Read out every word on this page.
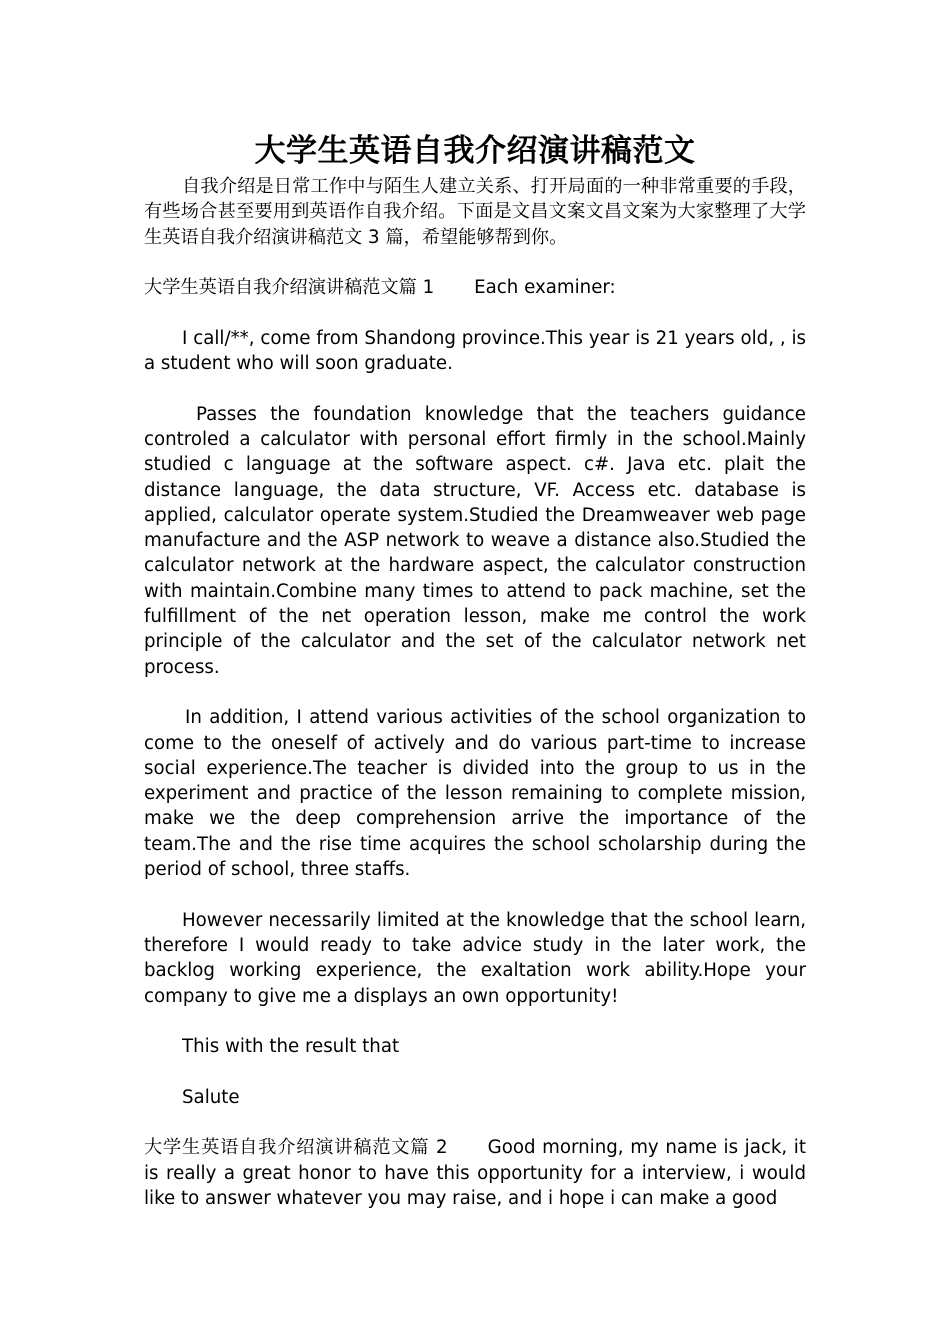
大学生英语自我介绍演讲稿范文

自我介绍是日常工作中与陌生人建立关系、打开局面的一种非常重要的手段，有些场合甚至要用到英语作自我介绍。下面是文昌文案文昌文案为大家整理了大学生英语自我介绍演讲稿范文 3 篇，希望能够帮到你。

大学生英语自我介绍演讲稿范文篇 1 Each examiner:

I call/**, come from Shandong province.This year is 21 years old, , is a student who will soon graduate.

Passes the foundation knowledge that the teachers guidance controled a calculator with personal effort firmly in the school.Mainly studied c language at the software aspect. c#. Java etc. plait the distance language, the data structure, VF. Access etc. database is applied, calculator operate system.Studied the Dreamweaver web page manufacture and the ASP network to weave a distance also.Studied the calculator network at the hardware aspect, the calculator construction with maintain.Combine many times to attend to pack machine, set the fulfillment of the net operation lesson, make me control the work principle of the calculator and the set of the calculator network net process.

In addition, I attend various activities of the school organization to come to the oneself of actively and do various part-time to increase social experience.The teacher is divided into the group to us in the experiment and practice of the lesson remaining to complete mission, make we the deep comprehension arrive the importance of the team.The and the rise time acquires the school scholarship during the period of school, three staffs.

However necessarily limited at the knowledge that the school learn, therefore I would ready to take advice study in the later work, the backlog working experience, the exaltation work ability.Hope your company to give me a displays an own opportunity!

This with the result that

Salute

大学生英语自我介绍演讲稿范文篇 2 Good morning, my name is jack, it is really a great honor to have this opportunity for a interview, i would like to answer whatever you may raise, and i hope i can make a good
